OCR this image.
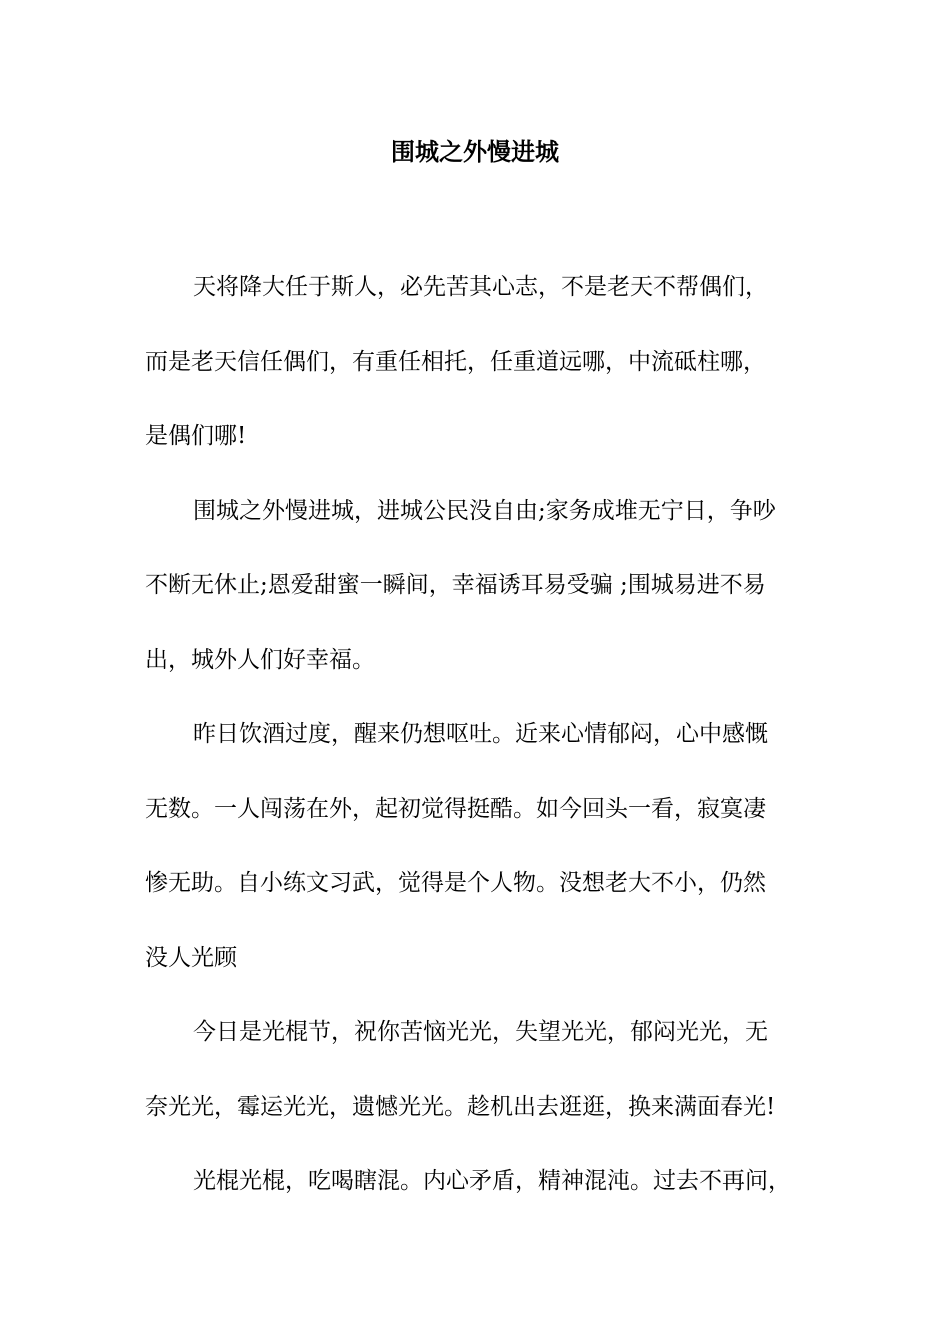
围城之外慢进城
天将降大任于斯人，必先苦其心志，不是老天不帮偶们，
而是老天信任偶们，有重任相托，任重道远哪，中流砥柱哪，
是偶们哪!
围城之外慢进城，进城公民没自由;家务成堆无宁日，争吵
不断无休止;恩爱甜蜜一瞬间，幸福诱耳易受骗 ;围城易进不易
出，城外人们好幸福。
昨日饮酒过度，醒来仍想呕吐。近来心情郁闷，心中感慨
无数。一人闯荡在外，起初觉得挺酷。如今回头一看，寂寞凄
惨无助。自小练文习武，觉得是个人物。没想老大不小，仍然
没人光顾
今日是光棍节，祝你苦恼光光，失望光光，郁闷光光，无
奈光光，霉运光光，遗憾光光。趁机出去逛逛，换来满面春光!
光棍光棍，吃喝瞎混。内心矛盾，精神混沌。过去不再问，
